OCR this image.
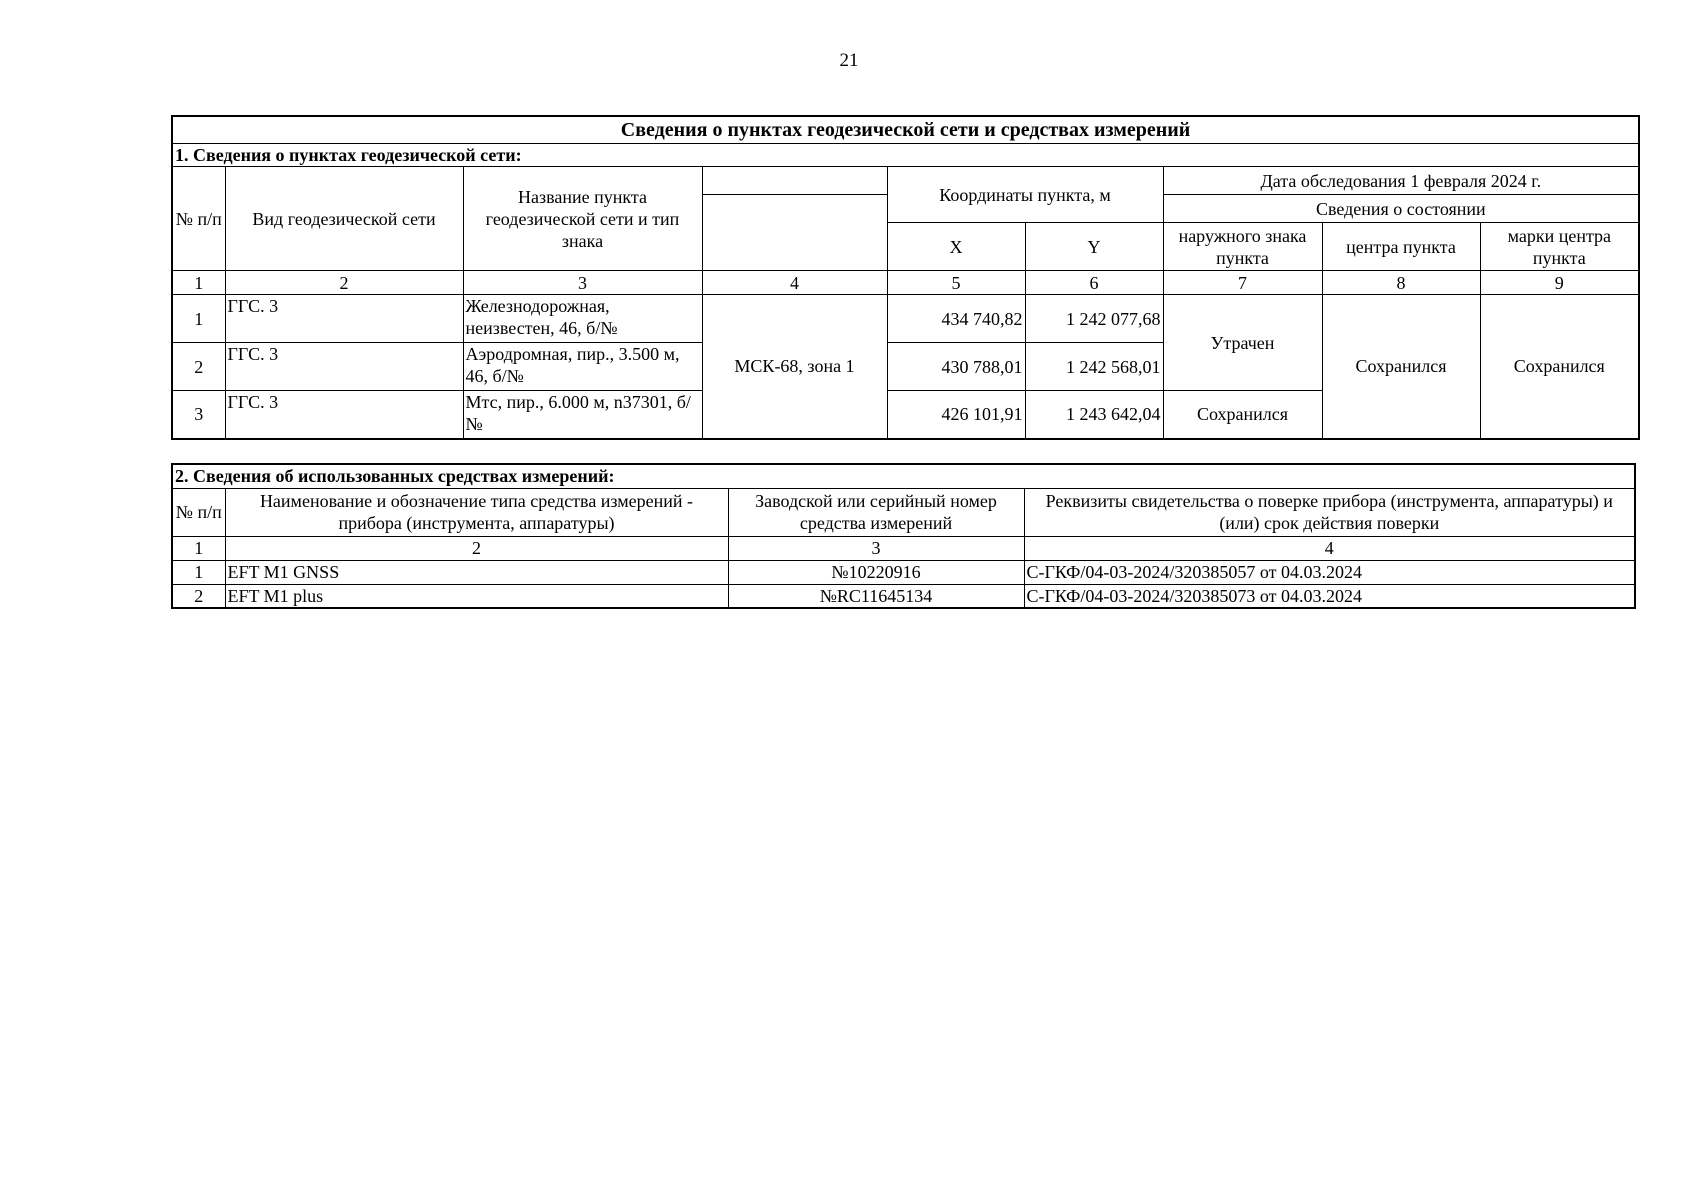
21
Сведения о пунктах геодезической сети и средствах измерений								
1. Сведения о пунктах геодезической сети:								
№ п/п	Вид геодезической сети	Название пункта геодезической сети и тип знака		Координаты пункта, м		Дата обследования 1 февраля 2024 г.		
						Сведения о состоянии		
				X	Y	наружного знака пункта	центра пункта	марки центра пункта
1	2	3	4	5	6	7	8	9
1	ГГС. 3	Железнодорожная, неизвестен, 46, б/№	МСК-68, зона 1	434 740,82	1 242 077,68	Утрачен	Сохранился	Сохранился
2	ГГС. 3	Аэродромная, пир., 3.500 м, 46, б/№		430 788,01	1 242 568,01			
3	ГГС. 3	Мтс, пир., 6.000 м, n37301, б/№		426 101,91	1 243 642,04	Сохранился		
2. Сведения об использованных средствах измерений:			
№ п/п	Наименование и обозначение типа средства измерений - прибора (инструмента, аппаратуры)	Заводской или серийный номер средства измерений	Реквизиты свидетельства о поверке прибора (инструмента, аппаратуры) и (или) срок действия поверки
1	2	3	4
1	EFT M1 GNSS	№10220916	С-ГКФ/04-03-2024/320385057 от 04.03.2024
2	EFT M1 plus	№RC11645134	С-ГКФ/04-03-2024/320385073 от 04.03.2024
